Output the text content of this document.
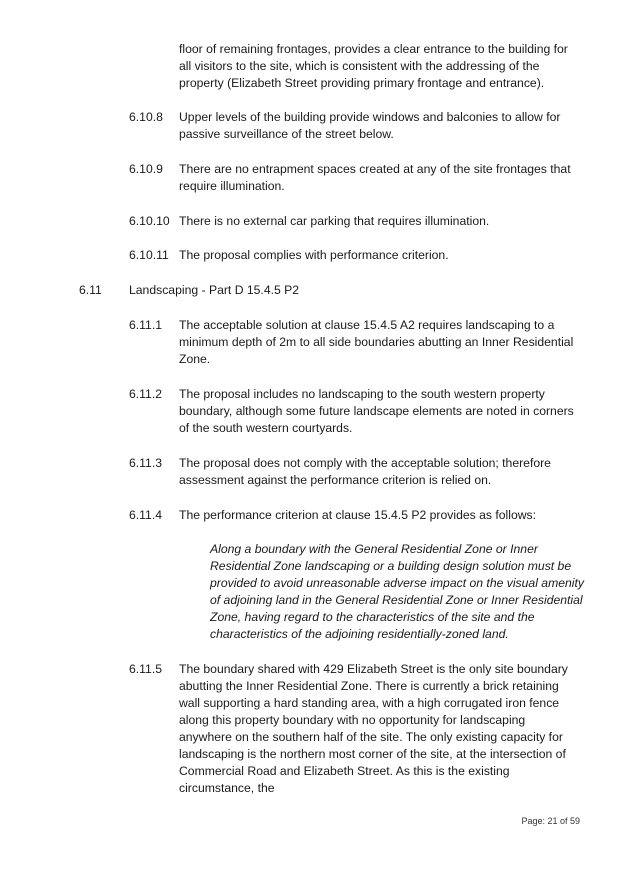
floor of remaining frontages, provides a clear entrance to the building for all visitors to the site, which is consistent with the addressing of the property (Elizabeth Street providing primary frontage and entrance).
6.10.8	Upper levels of the building provide windows and balconies to allow for passive surveillance of the street below.
6.10.9	There are no entrapment spaces created at any of the site frontages that require illumination.
6.10.10 There is no external car parking that requires illumination.
6.10.11 The proposal complies with performance criterion.
6.11	Landscaping - Part D 15.4.5 P2
6.11.1	The acceptable solution at clause 15.4.5 A2 requires landscaping to a minimum depth of 2m to all side boundaries abutting an Inner Residential Zone.
6.11.2	The proposal includes no landscaping to the south western property boundary, although some future landscape elements are noted in corners of the south western courtyards.
6.11.3	The proposal does not comply with the acceptable solution; therefore assessment against the performance criterion is relied on.
6.11.4	The performance criterion at clause 15.4.5 P2 provides as follows:
Along a boundary with the General Residential Zone or Inner Residential Zone landscaping or a building design solution must be provided to avoid unreasonable adverse impact on the visual amenity of adjoining land in the General Residential Zone or Inner Residential Zone, having regard to the characteristics of the site and the characteristics of the adjoining residentially-zoned land.
6.11.5	The boundary shared with 429 Elizabeth Street is the only site boundary abutting the Inner Residential Zone. There is currently a brick retaining wall supporting a hard standing area, with a high corrugated iron fence along this property boundary with no opportunity for landscaping anywhere on the southern half of the site. The only existing capacity for landscaping is the northern most corner of the site, at the intersection of Commercial Road and Elizabeth Street. As this is the existing circumstance, the
Page: 21 of 59
